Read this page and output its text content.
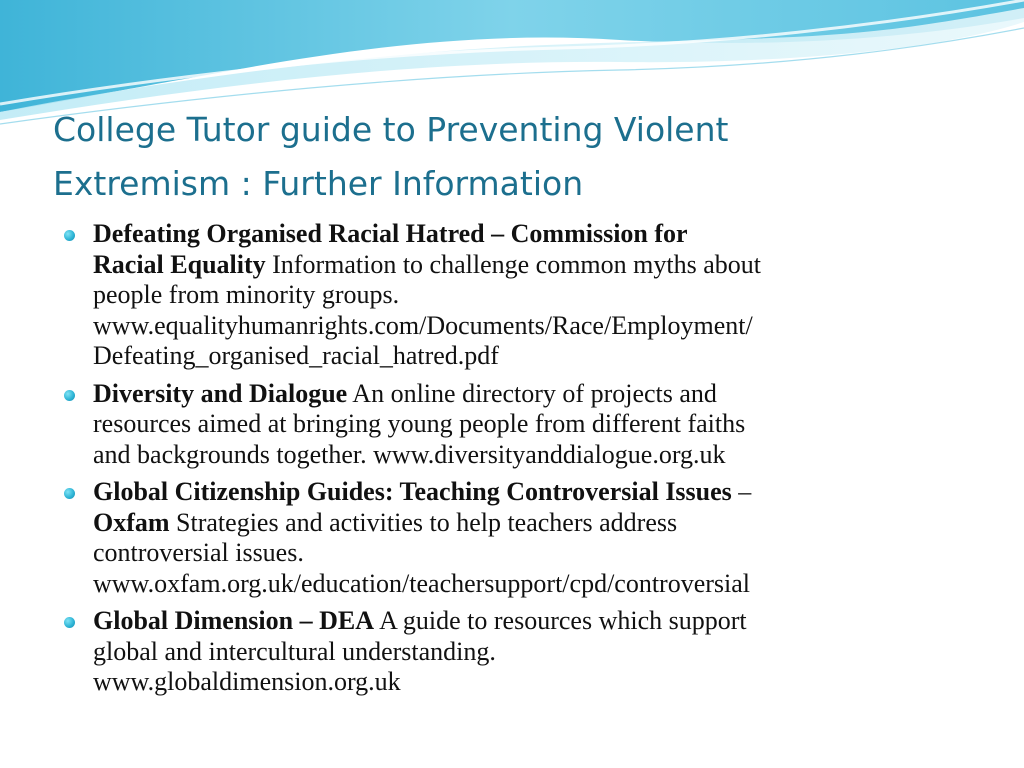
College Tutor guide to Preventing Violent
Extremism : Further Information
Defeating Organised Racial Hatred – Commission for
Racial Equality Information to challenge common myths about
people from minority groups.
www.equalityhumanrights.com/Documents/Race/Employment/
Defeating_organised_racial_hatred.pdf
Diversity and Dialogue An online directory of projects and
resources aimed at bringing young people from different faiths
and backgrounds together. www.diversityanddialogue.org.uk
Global Citizenship Guides: Teaching Controversial Issues –
Oxfam Strategies and activities to help teachers address
controversial issues.
www.oxfam.org.uk/education/teachersupport/cpd/controversial
Global Dimension – DEA A guide to resources which support
global and intercultural understanding.
www.globaldimension.org.uk
